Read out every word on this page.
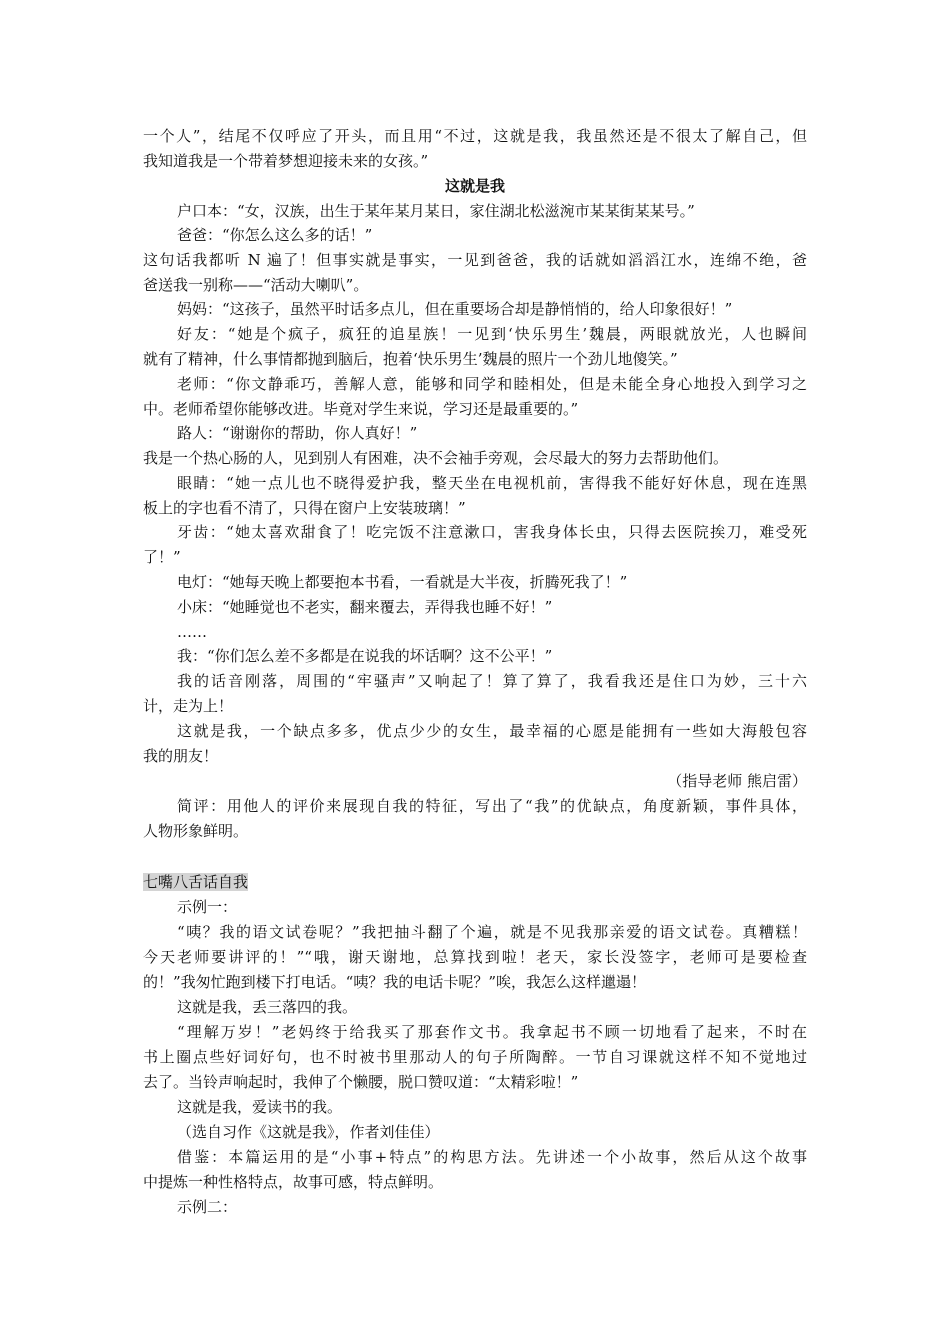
一个人”，结尾不仅呼应了开头，而且用“不过，这就是我，我虽然还是不很太了解自己，但
我知道我是一个带着梦想迎接未来的女孩。”
这就是我
户口本：“女，汉族，出生于某年某月某日，家住湖北松滋涴市某某街某某号。”
爸爸：“你怎么这么多的话！”
这句话我都听 N 遍了！但事实就是事实，一见到爸爸，我的话就如滔滔江水，连绵不绝，爸
爸送我一别称——“活动大喇叭”。
妈妈：“这孩子，虽然平时话多点儿，但在重要场合却是静悄悄的，给人印象很好！”
好友：“她是个疯子，疯狂的追星族！一见到‘快乐男生’魏晨，两眼就放光，人也瞬间
就有了精神，什么事情都抛到脑后，抱着‘快乐男生’魏晨的照片一个劲儿地傻笑。”
老师：“你文静乖巧，善解人意，能够和同学和睦相处，但是未能全身心地投入到学习之
中。老师希望你能够改进。毕竟对学生来说，学习还是最重要的。”
路人：“谢谢你的帮助，你人真好！”
我是一个热心肠的人，见到别人有困难，决不会袖手旁观，会尽最大的努力去帮助他们。
眼睛：“她一点儿也不晓得爱护我，整天坐在电视机前，害得我不能好好休息，现在连黑
板上的字也看不清了，只得在窗户上安装玻璃！”
牙齿：“她太喜欢甜食了！吃完饭不注意漱口，害我身体长虫，只得去医院挨刀，难受死
了！”
电灯：“她每天晚上都要抱本书看，一看就是大半夜，折腾死我了！”
小床：“她睡觉也不老实，翻来覆去，弄得我也睡不好！”
……
我：“你们怎么差不多都是在说我的坏话啊？这不公平！”
我的话音刚落，周围的“牢骚声”又响起了！算了算了，我看我还是住口为妙，三十六
计，走为上！
这就是我，一个缺点多多，优点少少的女生，最幸福的心愿是能拥有一些如大海般包容
我的朋友！
（指导老师 熊启雷）
简评：用他人的评价来展现自我的特征，写出了“我”的优缺点，角度新颖，事件具体，
人物形象鲜明。
七嘴八舌话自我
示例一：
“咦？我的语文试卷呢？”我把抽斗翻了个遍，就是不见我那亲爱的语文试卷。真糟糕！
今天老师要讲评的！”“哦，谢天谢地，总算找到啦！老天，家长没签字，老师可是要检查
的！”我匆忙跑到楼下打电话。“咦？我的电话卡呢？”唉，我怎么这样邋遢！
这就是我，丢三落四的我。
“理解万岁！”老妈终于给我买了那套作文书。我拿起书不顾一切地看了起来，不时在
书上圈点些好词好句，也不时被书里那动人的句子所陶醉。一节自习课就这样不知不觉地过
去了。当铃声响起时，我伸了个懒腰，脱口赞叹道：“太精彩啦！”
这就是我，爱读书的我。
（选自习作《这就是我》，作者刘佳佳）
借鉴：本篇运用的是“小事+特点”的构思方法。先讲述一个小故事，然后从这个故事
中提炼一种性格特点，故事可感，特点鲜明。
示例二：
